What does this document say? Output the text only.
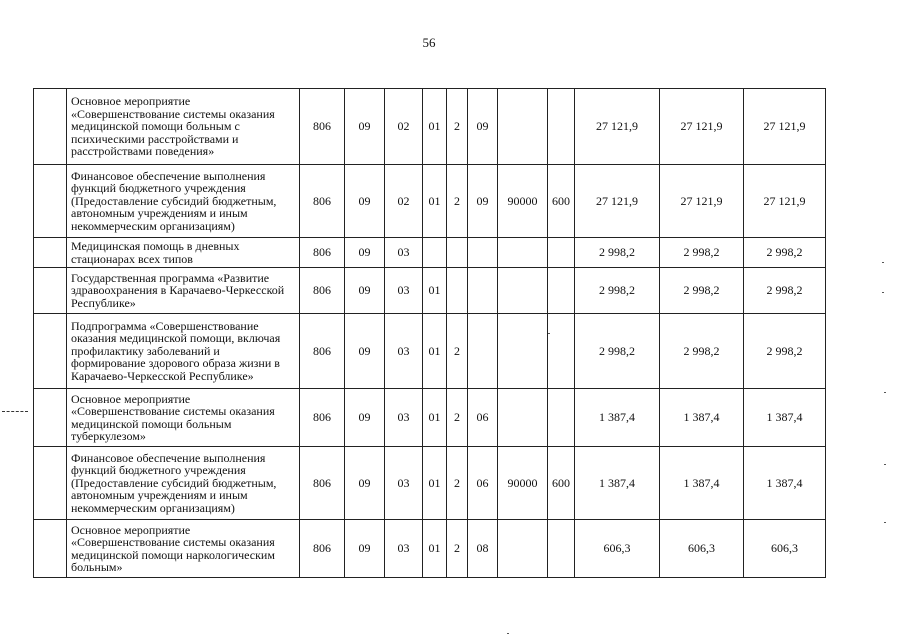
56
	Основное мероприятие «Совершенствование системы оказания медицинской помощи больным с психическими расстройствами и расстройствами поведения»	806	09	02	01	2	09			27 121,9	27 121,9	27 121,9
	Финансовое обеспечение выполнения функций бюджетного учреждения (Предоставление субсидий бюджетным, автономным учреждениям и иным некоммерческим организациям)	806	09	02	01	2	09	90000	600	27 121,9	27 121,9	27 121,9
	Медицинская помощь в дневных стационарах всех типов	806	09	03						2 998,2	2 998,2	2 998,2
	Государственная программа «Развитие здравоохранения в Карачаево-Черкесской Республике»	806	09	03	01					2 998,2	2 998,2	2 998,2
	Подпрограмма «Совершенствование оказания медицинской помощи, включая профилактику заболеваний и формирование здорового образа жизни в Карачаево-Черкесской Республике»	806	09	03	01	2				2 998,2	2 998,2	2 998,2
	Основное мероприятие «Совершенствование системы оказания медицинской помощи больным туберкулезом»	806	09	03	01	2	06			1 387,4	1 387,4	1 387,4
	Финансовое обеспечение выполнения функций бюджетного учреждения (Предоставление субсидий бюджетным, автономным учреждениям и иным некоммерческим организациям)	806	09	03	01	2	06	90000	600	1 387,4	1 387,4	1 387,4
	Основное мероприятие «Совершенствование системы оказания медицинской помощи наркологическим больным»	806	09	03	01	2	08			606,3	606,3	606,3
